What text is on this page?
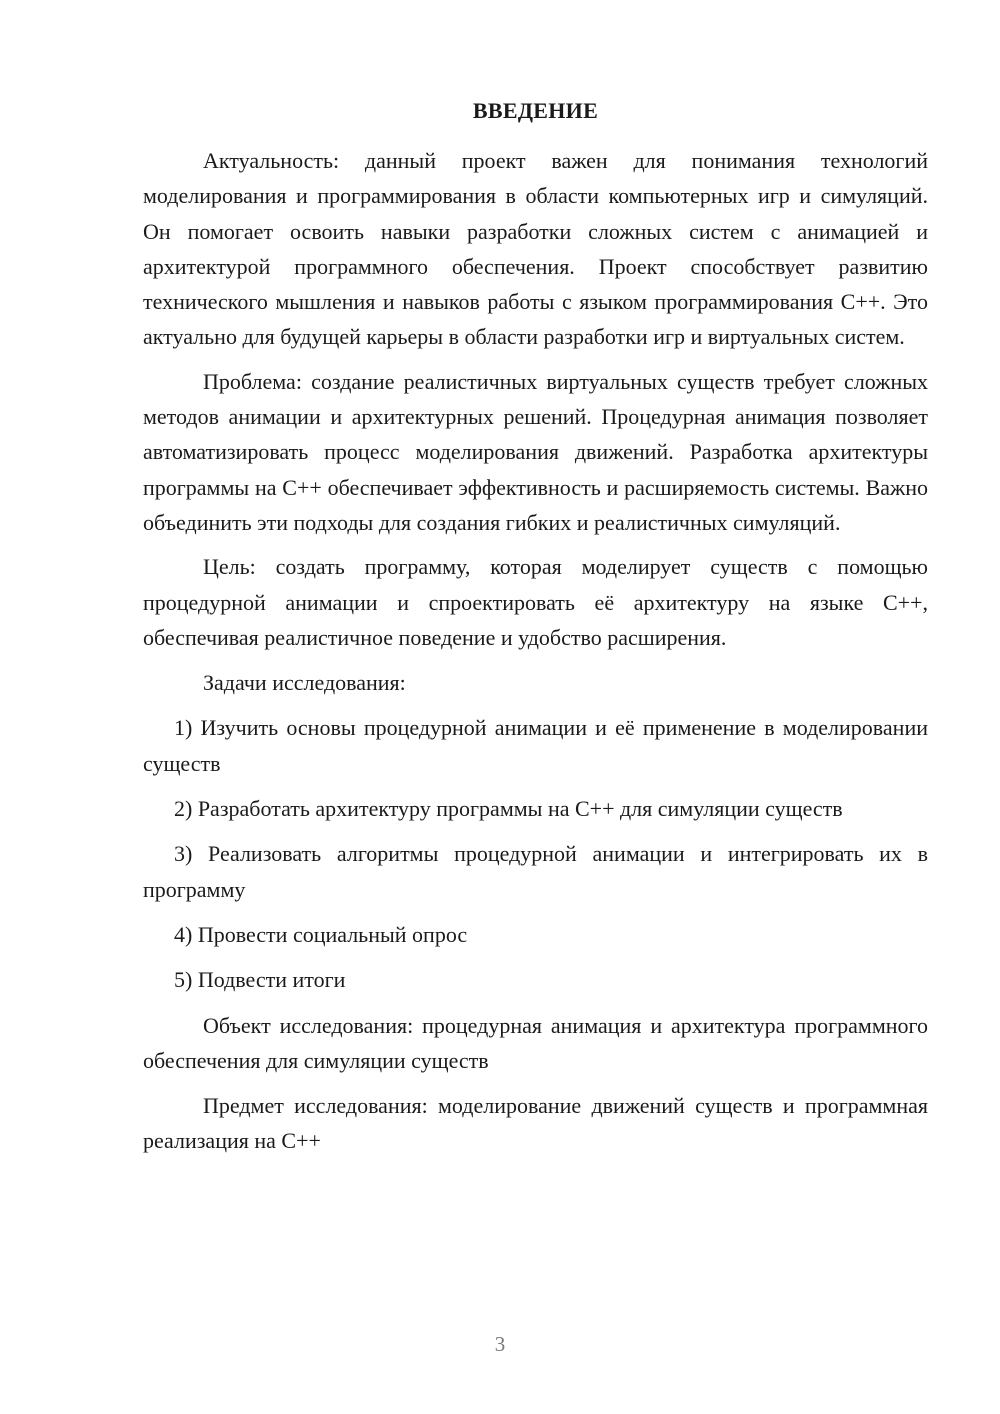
ВВЕДЕНИЕ

Актуальность: данный проект важен для понимания технологий моделирования и программирования в области компьютерных игр и симуляций. Он помогает освоить навыки разработки сложных систем с анимацией и архитектурой программного обеспечения. Проект способствует развитию технического мышления и навыков работы с языком программирования C++. Это актуально для будущей карьеры в области разработки игр и виртуальных систем.

Проблема: создание реалистичных виртуальных существ требует сложных методов анимации и архитектурных решений. Процедурная анимация позволяет автоматизировать процесс моделирования движений. Разработка архитектуры программы на C++ обеспечивает эффективность и расширяемость системы. Важно объединить эти подходы для создания гибких и реалистичных симуляций.

Цель: создать программу, которая моделирует существ с помощью процедурной анимации и спроектировать её архитектуру на языке C++, обеспечивая реалистичное поведение и удобство расширения.

Задачи исследования:

1) Изучить основы процедурной анимации и её применение в моделировании существ

2) Разработать архитектуру программы на C++ для симуляции существ

3) Реализовать алгоритмы процедурной анимации и интегрировать их в программу

4) Провести социальный опрос

5) Подвести итоги

Объект исследования: процедурная анимация и архитектура программного обеспечения для симуляции существ

Предмет исследования: моделирование движений существ и программная реализация на C++

3
